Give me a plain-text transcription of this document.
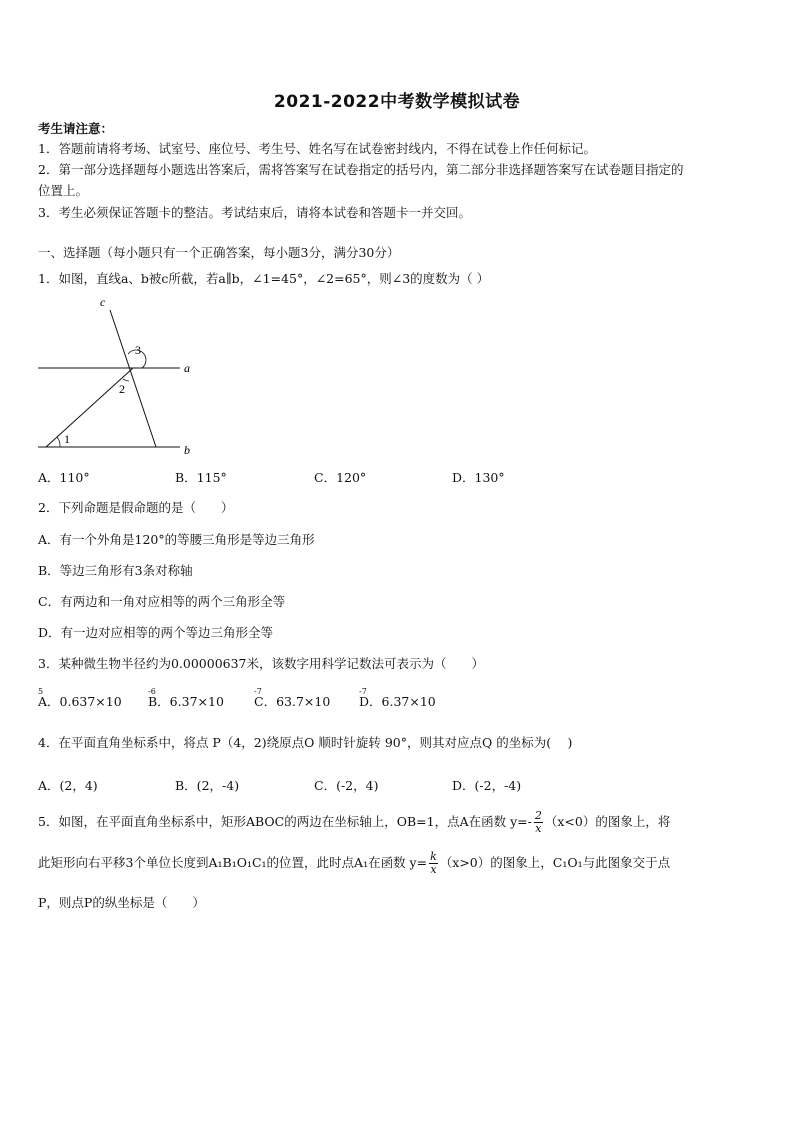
2021-2022中考数学模拟试卷
考生请注意：
1．答题前请将考场、试室号、座位号、考生号、姓名写在试卷密封线内，不得在试卷上作任何标记。
2．第一部分选择题每小题选出答案后，需将答案写在试卷指定的括号内，第二部分非选择题答案写在试卷题目指定的
位置上。
3．考生必须保证答题卡的整洁。考试结束后，请将本试卷和答题卡一并交回。
一、选择题（每小题只有一个正确答案，每小题3分，满分30分）
1．如图，直线a、b被c所截，若a∥b，∠1=45°，∠2=65°，则∠3的度数为（ ）
c
a
b
1
2
3
A．110°	B．115°	C．120°	D．130°
2．下列命题是假命题的是（　　）
A．有一个外角是120°的等腰三角形是等边三角形
B．等边三角形有3条对称轴
C．有两边和一角对应相等的两个三角形全等
D．有一边对应相等的两个等边三角形全等
3．某种微生物半径约为0.00000637米，该数字用科学记数法可表示为（　　）
A．0.637×10
5
B．6.37×10
-6
C．63.7×10
-7
D．6.37×10
-7
4．在平面直角坐标系中，将点 P（4，2)绕原点O 顺时针旋转 90°，则其对应点Q 的坐标为(　 )
A．(2，4)	B．(2，-4)	C．(-2，4)	D．(-2，-4)
5．如图，在平面直角坐标系中，矩形ABOC的两边在坐标轴上，OB=1，点A在函数 $y=- \frac{2}{x} (x<0)$的图象上，将
此矩形向右平移3个单位长度到A₁B₁O₁C₁的位置，此时点A₁在函数 $y= \frac{k}{x} (x>0)$的图象上，C₁O₁与此图象交于点
P，则点P的纵坐标是（　　）
